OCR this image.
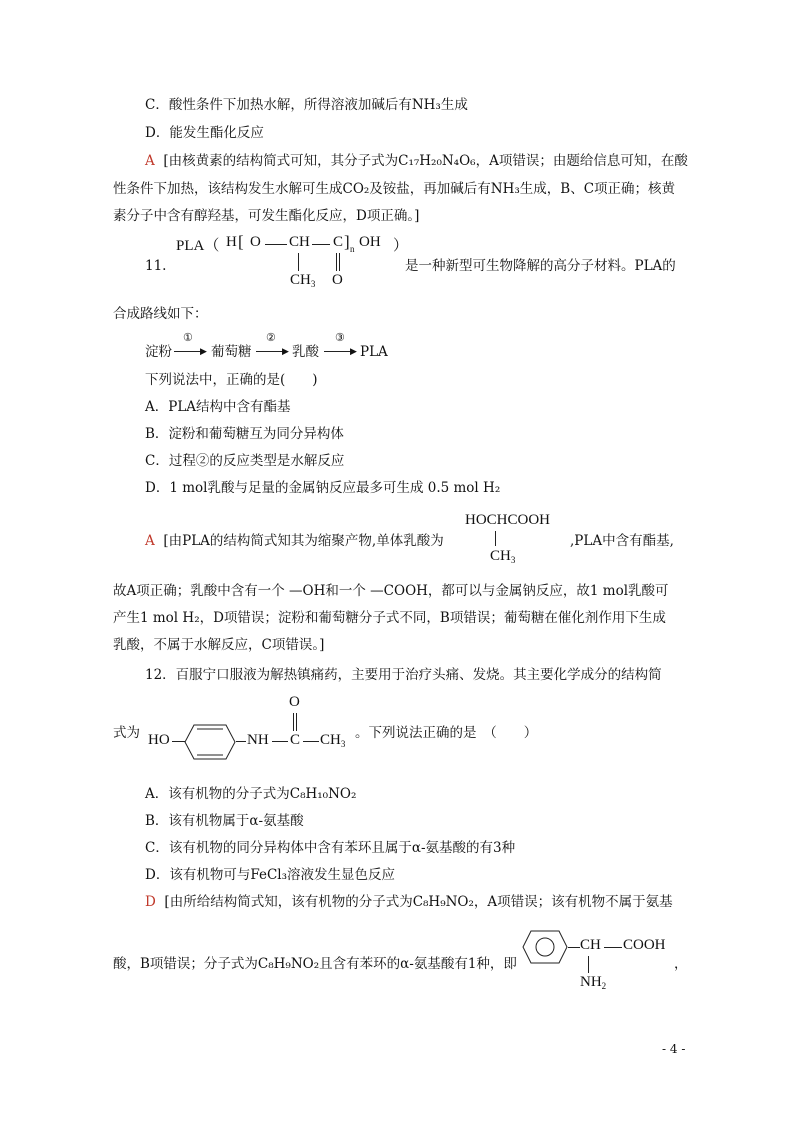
C．酸性条件下加热水解，所得溶液加碱后有NH₃生成
D．能发生酯化反应
A [由核黄素的结构简式可知，其分子式为C₁₇H₂₀N₄O₆，A项错误；由题给信息可知，在酸
性条件下加热，该结构发生水解可生成CO₂及铵盐，再加碱后有NH₃生成，B、C项正确；核黄
素分子中含有醇羟基，可发生酯化反应，D项正确。]
PLA（ H [ O CH C ] n OH ）
$CH_3$ O
11.	是一种新型可生物降解的高分子材料。PLA的
合成路线如下：
淀粉
①
▶ 葡萄糖
②
▶ 乳酸
③
▶ PLA
下列说法中，正确的是(　　)
A．PLA结构中含有酯基
B．淀粉和葡萄糖互为同分异构体
C．过程②的反应类型是水解反应
D．1 mol乳酸与足量的金属钠反应最多可生成 0.5 mol H₂
A [由PLA的结构简式知其为缩聚产物,单体乳酸为
HOCHCOOH
$CH_3$
,PLA中含有酯基,
故A项正确；乳酸中含有一个 —OH和一个 —COOH，都可以与金属钠反应，故1 mol乳酸可
产生1 mol H₂，D项错误；淀粉和葡萄糖分子式不同，B项错误；葡萄糖在催化剂作用下生成
乳酸，不属于水解反应，C项错误。]
12．百服宁口服液为解热镇痛药，主要用于治疗头痛、发烧。其主要化学成分的结构简
式为 HO	NH C
O
$CH_3$
。下列说法正确的是　（　　）
A．该有机物的分子式为C₈H₁₀NO₂
B．该有机物属于α-氨基酸
C．该有机物的同分异构体中含有苯环且属于α-氨基酸的有3种
D．该有机物可与FeCl₃溶液发生显色反应
D [由所给结构简式知，该有机物的分子式为C₈H₉NO₂，A项错误；该有机物不属于氨基
酸，B项错误；分子式为C₈H₉NO₂且含有苯环的α-氨基酸有1种，即
CH COOH
$NH_2$
，
- 4 -
